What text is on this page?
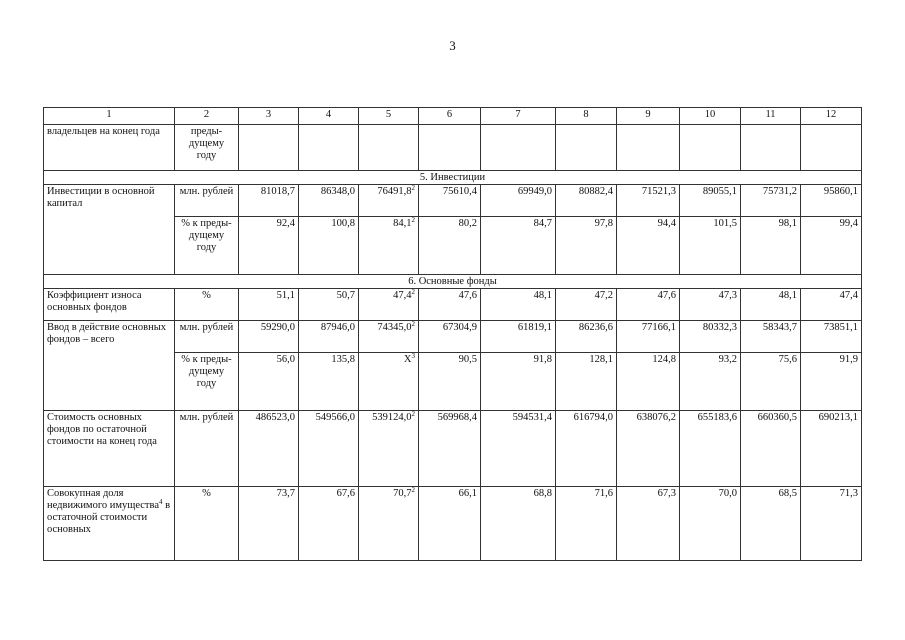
3
1	2	3	4	5	6	7	8	9	10	11	12
владельцев на конец года	преды-дущему году										
5. Инвестиции											
Инвестиции в основной капитал	млн. рублей	81018,7	86348,0	76491,8$^2$	75610,4	69949,0	80882,4	71521,3	89055,1	75731,2	95860,1
	% к преды-дущему году	92,4	100,8	84,1$^2$	80,2	84,7	97,8	94,4	101,5	98,1	99,4
6. Основные фонды											
Коэффициент износа основных фондов	%	51,1	50,7	47,4$^2$	47,6	48,1	47,2	47,6	47,3	48,1	47,4
Ввод в действие основных фондов – всего	млн. рублей	59290,0	87946,0	74345,0$^2$	67304,9	61819,1	86236,6	77166,1	80332,3	58343,7	73851,1
	% к преды-дущему году	56,0	135,8	$Х^3$	90,5	91,8	128,1	124,8	93,2	75,6	91,9
Стоимость основных фондов по остаточной стоимости на конец года	млн. рублей	486523,0	549566,0	539124,0$^2$	569968,4	594531,4	616794,0	638076,2	655183,6	660360,5	690213,1
Совокупная доля недвижимого имущества$^4$ в остаточной стоимости основных	%	73,7	67,6	70,7$^2$	66,1	68,8	71,6	67,3	70,0	68,5	71,3
